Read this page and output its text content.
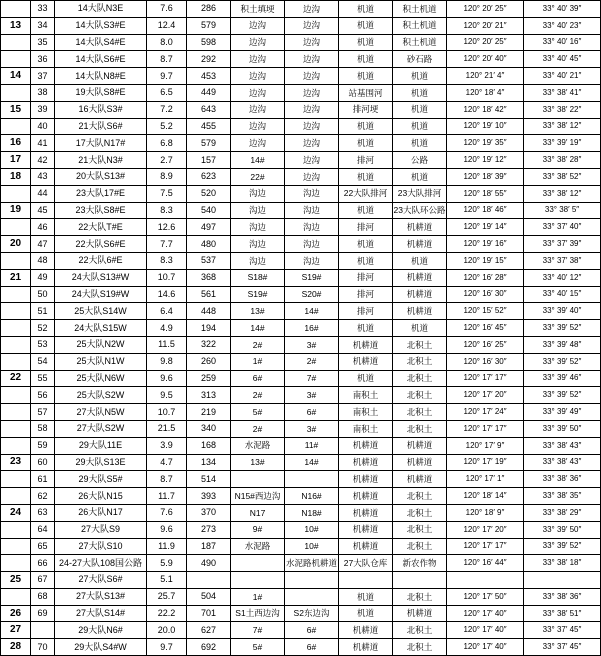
	33	14大队N3E	7.6	286	积土填埂	边沟	机道	积土机道	120° 20′ 25″	33° 40′ 39″
13	34	14大队S3#E	12.4	579	边沟	边沟	机道	积土机道	120° 20′ 21″	33° 40′ 23″
	35	14大队S4#E	8.0	598	边沟	边沟	机道	积土机道	120° 20′ 25″	33° 40′ 16″
	36	14大队S6#E	8.7	292	边沟	边沟	机道	砂石路	120° 20′ 40″	33° 40′ 45″
14	37	14大队N8#E	9.7	453	边沟	边沟	机道	机道	120° 21′ 4″	33° 40′ 21″
	38	19大队S8#E	6.5	449	边沟	边沟	站基围河	机道	120° 18′ 4″	33° 38′ 41″
15	39	16大队S3#	7.2	643	边沟	边沟	排河埂	机道	120° 18′ 42″	33° 38′ 22″
	40	21大队S6#	5.2	455	边沟	边沟	机道	机道	120° 19′ 10″	33° 38′ 12″
16	41	17大队N17#	6.8	579	边沟	边沟	机道	机道	120° 19′ 35″	33° 39′ 19″
17	42	21大队N3#	2.7	157	14#	边沟	排河	公路	120° 19′ 12″	33° 38′ 28″
18	43	20大队S13#	8.9	623	22#	边沟	机道	机道	120° 18′ 39″	33° 38′ 52″
	44	23大队17#E	7.5	520	沟边	沟边	22大队排河	23大队排河	120° 18′ 55″	33° 38′ 12″
19	45	23大队S8#E	8.3	540	沟边	沟边	机道	23大队环公路	120° 18′ 46″	33° 38′ 5″
	46	22大队T#E	12.6	497	沟边	沟边	排河	机耕道	120° 19′ 14″	33° 37′ 40″
20	47	22大队S6#E	7.7	480	沟边	沟边	机道	机耕道	120° 19′ 16″	33° 37′ 39″
	48	22大队6#E	8.3	537	沟边	沟边	机道	机道	120° 19′ 15″	33° 37′ 38″
21	49	24大队S13#W	10.7	368	S18#	S19#	排河	机耕道	120° 16′ 28″	33° 40′ 12″
	50	24大队S19#W	14.6	561	S19#	S20#	排河	机耕道	120° 16′ 30″	33° 40′ 15″
	51	25大队S14W	6.4	448	13#	14#	排河	机耕道	120° 15′ 52″	33° 39′ 40″
	52	24大队S15W	4.9	194	14#	16#	机道	机道	120° 16′ 45″	33° 39′ 52″
	53	25大队N2W	11.5	322	2#	3#	机耕道	北积土	120° 16′ 25″	33° 39′ 48″
	54	25大队N1W	9.8	260	1#	2#	机耕道	北积土	120° 16′ 30″	33° 39′ 52″
22	55	25大队N6W	9.6	259	6#	7#	机道	北积土	120° 17′ 17″	33° 39′ 46″
	56	25大队S2W	9.5	313	2#	3#	南积土	北积土	120° 17′ 20″	33° 39′ 52″
	57	27大队N5W	10.7	219	5#	6#	南积土	北积土	120° 17′ 24″	33° 39′ 49″
	58	27大队S2W	21.5	340	2#	3#	南积土	北积土	120° 17′ 17″	33° 39′ 50″
	59	29大队11E	3.9	168	水泥路	11#	机耕道	机耕道	120° 17′ 9″	33° 38′ 43″
23	60	29大队S13E	4.7	134	13#	14#	机耕道	机耕道	120° 17′ 19″	33° 38′ 43″
	61	29大队S5#	8.7	514			机耕道	机耕道	120° 17′ 1″	33° 38′ 36″
	62	26大队N15	11.7	393	N15#西边沟	N16#	机耕道	北积土	120° 18′ 14″	33° 38′ 35″
24	63	26大队N17	7.6	370	N17	N18#	机耕道	北积土	120° 18′ 9″	33° 38′ 29″
	64	27大队S9	9.6	273	9#	10#	机耕道	北积土	120° 17′ 20″	33° 39′ 50″
	65	27大队S10	11.9	187	水泥路	10#	机耕道	北积土	120° 17′ 17″	33° 39′ 52″
	66	24-27大队108国公路	5.9	490		水泥路机耕道	27大队仓库	新农作物	120° 16′ 44″	33° 38′ 18″
25	67	27大队S6#	5.1							
	68	27大队S13#	25.7	504	1#		机道	北积土	120° 17′ 50″	33° 38′ 36″
26	69	27大队S14#	22.2	701	S1土西边沟	S2东边沟	机道	机耕道	120° 17′ 40″	33° 38′ 51″
27		29大队N6#	20.0	627	7#	6#	机耕道	北积土	120° 17′ 40″	33° 37′ 45″
28	70	29大队S4#W	9.7	692	5#	6#	机耕道	北积土	120° 17′ 40″	33° 37′ 45″
